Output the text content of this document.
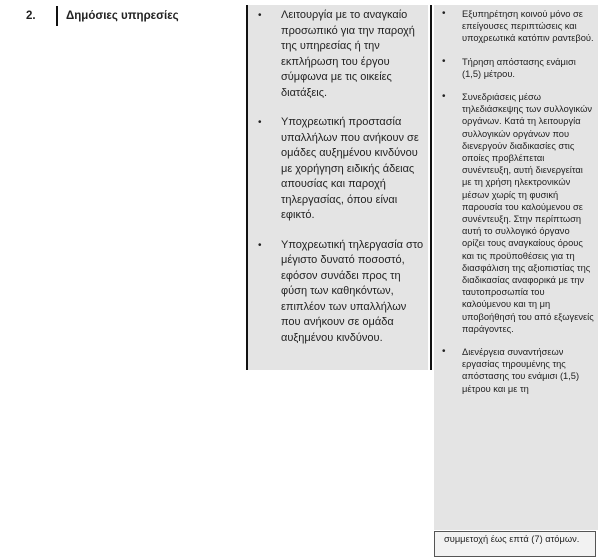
2.	Δημόσιες υπηρεσίες	• Λειτουργία με το αναγκαίο προσωπικό για την παροχή της υπηρεσίας ή την εκπλήρωση του έργου σύμφωνα με τις οικείες διατάξεις.
• Υποχρεωτική προστασία υπαλλήλων που ανήκουν σε ομάδες αυξημένου κινδύνου με χορήγηση ειδικής άδειας απουσίας και παροχή τηλεργασίας, όπου είναι εφικτό.
• Υποχρεωτική τηλεργασία στο μέγιστο δυνατό ποσοστό, εφόσον συνάδει προς τη φύση των καθηκόντων, επιπλέον των υπαλλήλων που ανήκουν σε ομάδα αυξημένου κινδύνου.
• Εξυπηρέτηση κοινού μόνο σε επείγουσες περιπτώσεις και υποχρεωτικά κατόπιν ραντεβού.
• Τήρηση απόστασης ενάμισι (1,5) μέτρου.
• Συνεδριάσεις μέσω τηλεδιάσκεψης των συλλογικών οργάνων. Κατά τη λειτουργία συλλογικών οργάνων που διενεργούν διαδικασίες στις οποίες προβλέπεται συνέντευξη, αυτή διενεργείται με τη χρήση ηλεκτρονικών μέσων χωρίς τη φυσική παρουσία του καλούμενου σε συνέντευξη. Στην περίπτωση αυτή το συλλογικό όργανο ορίζει τους αναγκαίους όρους και τις προϋποθέσεις για τη διασφάλιση της αξιοπιστίας της διαδικασίας αναφορικά με την ταυτοπροσωπία του καλούμενου και τη μη υποβοήθησή του από εξωγενείς παράγοντες.
• Διενέργεια συναντήσεων εργασίας τηρουμένης της απόστασης του ενάμισι (1,5) μέτρου και με τη
συμμετοχή έως επτά (7) ατόμων.
